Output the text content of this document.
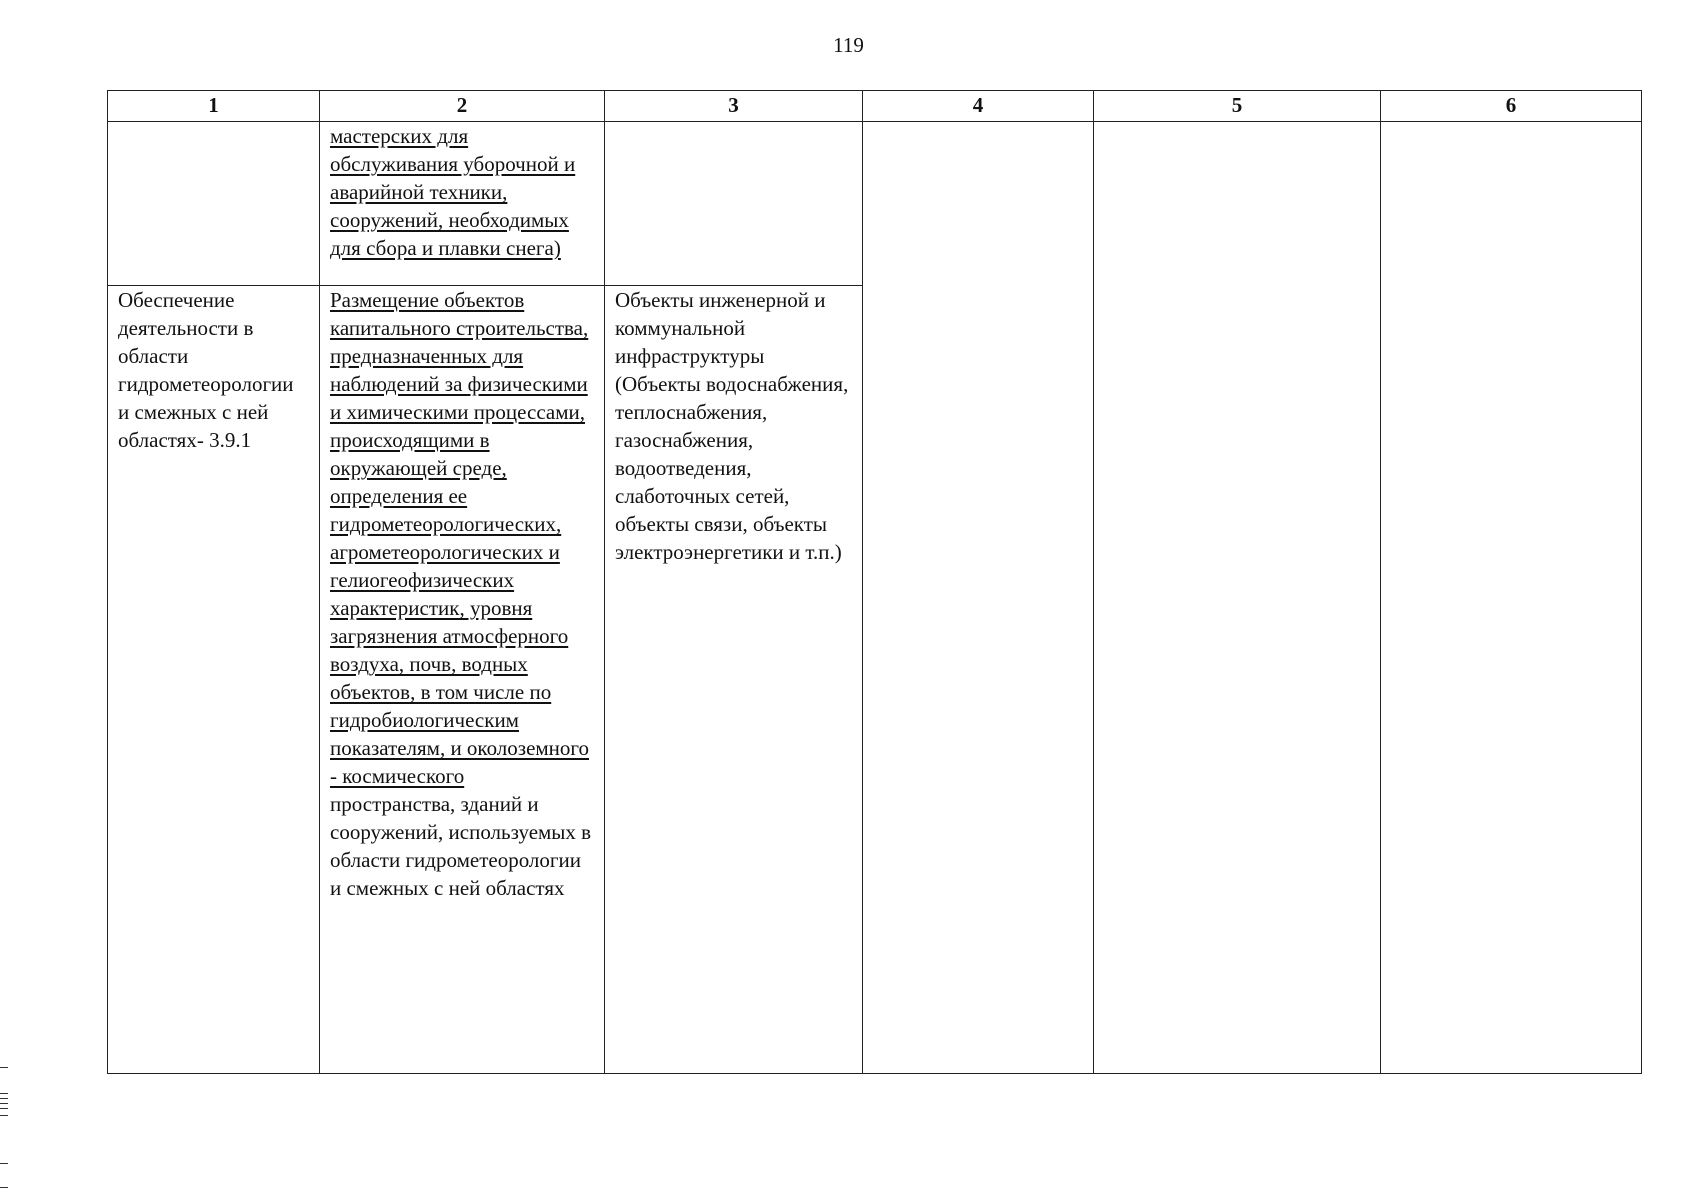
119
1	2	3	4	5	6
	мастерских для обслуживания уборочной и аварийной техники, сооружений, необходимых для сбора и плавки снега)				
Обеспечение деятельности в области гидрометеорологии и смежных с ней областях- 3.9.1	Размещение объектов капитального строительства, предназначенных для наблюдений за физическими и химическими процессами, происходящими в окружающей среде, определения ее гидрометеорологических, агрометеорологических и гелиогеофизических характеристик, уровня загрязнения атмосферного воздуха, почв, водных объектов, в том числе по гидробиологическим показателям, и околоземного - космического пространства, зданий и сооружений, используемых в области гидрометеорологии и смежных с ней областях	Объекты инженерной и коммунальной инфраструктуры (Объекты водоснабжения, теплоснабжения, газоснабжения, водоотведения, слаботочных сетей, объекты связи, объекты электроэнергетики и т.п.)			
